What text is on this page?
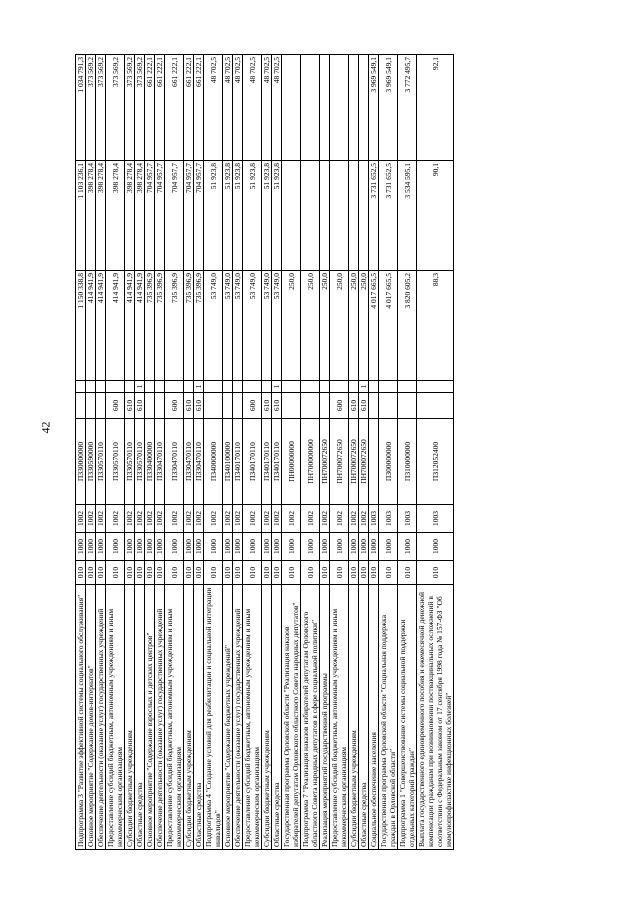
42
Подпрограмма 3 "Развитие эффективной системы социального обслуживания"	010	1000	1002	П330000000			1 150 338,8	1 103 236,1	1 034 791,3
Основное мероприятие "Содержание домов-интернатов"	010	1000	1002	П330590000			414 941,9	398 278,4	373 569,2
Обеспечение деятельности (оказание услуг) государственных учреждений	010	1000	1002	П330570110			414 941,9	398 278,4	373 569,2
Предоставление субсидий бюджетным, автономным учреждениям и иным некоммерческим организациям	010	1000	1002	П330570110	600		414 941,9	398 278,4	373 569,2
Субсидии бюджетным учреждениям	010	1000	1002	П330570110	610		414 941,9	398 278,4	373 569,2
Областные средства	010	1000	1002	П330570110	610	1	414 941,9	398 278,4	373 569,2
Основное мероприятие "Содержание взрослых и детских центров"	010	1000	1002	П330400000			735 396,9	704 957,7	661 222,1
Обеспечение деятельности (оказание услуг) государственных учреждений	010	1000	1002	П330470110			735 396,9	704 957,7	661 222,1
Предоставление субсидий бюджетным, автономным учреждениям и иным некоммерческим организациям	010	1000	1002	П330470110	600		735 396,9	704 957,7	661 222,1
Субсидии бюджетным учреждениям	010	1000	1002	П330470110	610		735 396,9	704 957,7	661 222,1
Областные средства	010	1000	1002	П330470110	610	1	735 396,9	704 957,7	661 222,1
Подпрограмма 4 "Создание условий для реабилитации и социальной интеграции инвалидов"	010	1000	1002	П340000000			53 749,0	51 923,8	48 702,5
Основное мероприятие "Содержание бюджетных учреждений"	010	1000	1002	П340100000			53 749,0	51 923,8	48 702,5
Обеспечение деятельности (оказание услуг) государственных учреждений	010	1000	1002	П340170110			53 749,0	51 923,8	48 702,5
Предоставление субсидий бюджетным, автономным учреждениям и иным некоммерческим организациям	010	1000	1002	П340170110	600		53 749,0	51 923,8	48 702,5
Субсидии бюджетным учреждениям	010	1000	1002	П340170110	610		53 749,0	51 923,8	48 702,5
Областные средства	010	1000	1002	П340170110	610	1	53 749,0	51 923,8	48 702,5
Государственная программа Орловской области "Реализация наказов избирателей депутатам Орловского областного Совета народных депутатов"	010	1000	1002	ПН00000000			250,0		
Подпрограмма 7 "Реализация наказов избирателей депутатам Орловского областного Совета народных депутатов в сфере социальной политики"	010	1000	1002	ПН700000000			250,0		
Реализация мероприятий государственной программы	010	1000	1002	ПН700072650			250,0		
Предоставление субсидий бюджетным, автономным учреждениям и иным некоммерческим организациям	010	1000	1002	ПН700072650	600		250,0		
Субсидии бюджетным учреждениям	010	1000	1002	ПН700072650	610		250,0		
Областные средства	010	1000	1002	ПН700072650	610	1	250,0		
Социальное обеспечение населения	010	1000	1003				4 017 665,5	3 731 652,5	3 969 549,1
Государственная программа Орловской области "Социальная поддержка граждан в Орловской области"	010	1000	1003	П300000000			4 017 665,5	3 731 652,5	3 969 549,1
Подпрограмма 1 "Совершенствование системы социальной поддержки отдельных категорий граждан"	010	1000	1003	П310000000			3 820 605,2	3 534 595,1	3 772 495,7
Выплата государственного единовременного пособия и ежемесячной денежной компенсации гражданам при возникновении поствакцинальных осложнений в соответствии с Федеральным законом от 17 сентября 1998 года № 157-ФЗ "Об иммунопрофилактике инфекционных болезней"	010	1000	1003	П312052400			88,3	90,1	92,1
